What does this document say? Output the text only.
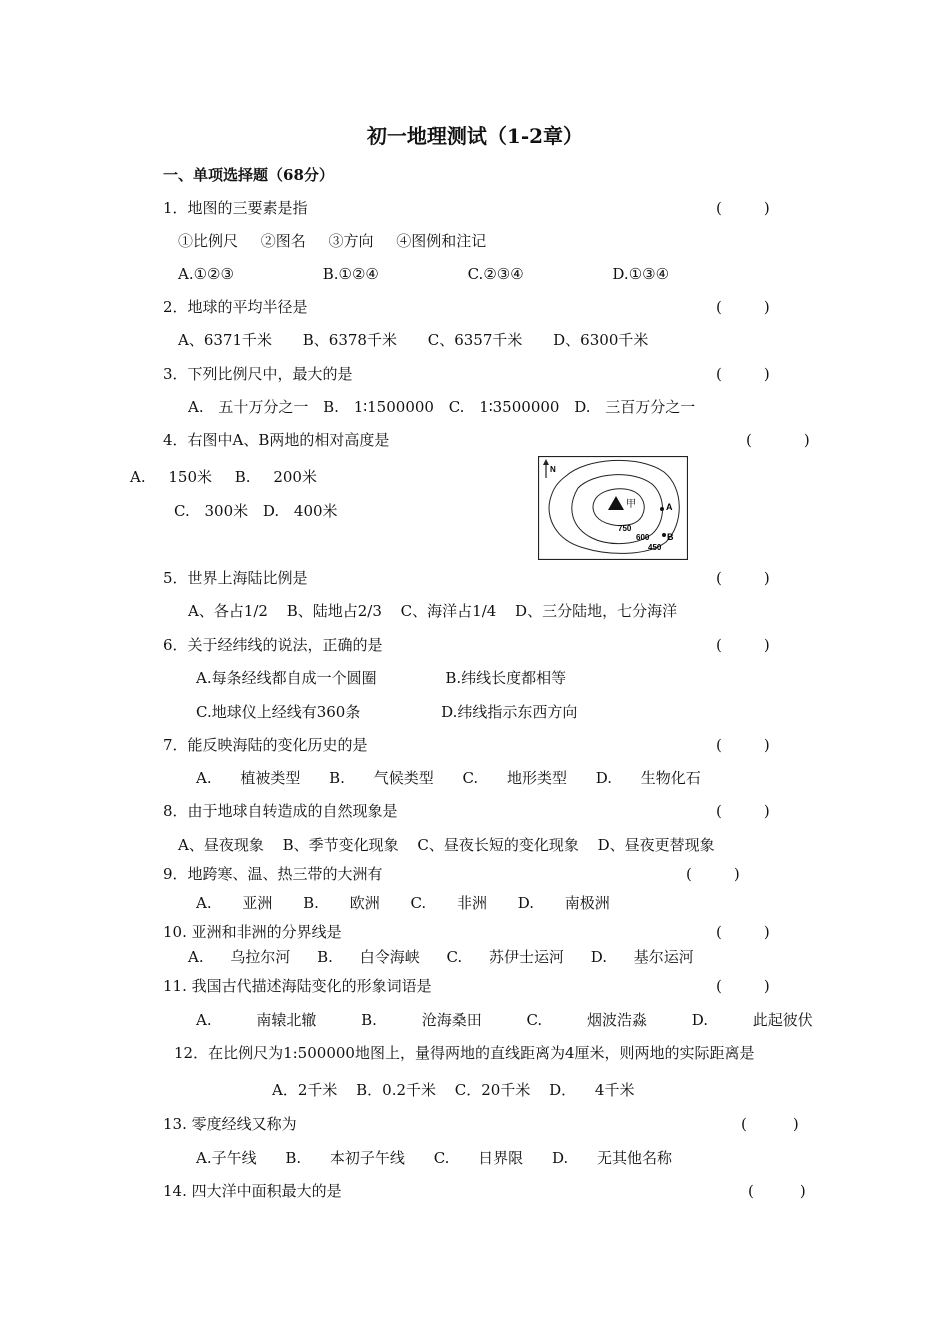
初一地理测试（1-2章）
一、单项选择题（68分）
1．地图的三要素是指	(	)
①比例尺 ②图名 ③方向 ④图例和注记
A.①②③ B.①②④ C.②③④ D.①③④
2．地球的平均半径是	(	)
A、6371千米 B、6378千米 C、6357千米 D、6300千米
3．下列比例尺中，最大的是	(	)
A. 五十万分之一 B. 1∶1500000 C. 1∶3500000 D. 三百万分之一
4．右图中A、B两地的相对高度是	(	)
A. 150米 B. 200米
C. 300米 D. 400米
N
甲	A
B
750
600
450
5．世界上海陆比例是	(	)
A、各占1/2 B、陆地占2/3 C、海洋占1/4 D、三分陆地，七分海洋
6．关于经纬线的说法，正确的是	(	)
A.每条经线都自成一个圆圈 B.纬线长度都相等
C.地球仪上经线有360条 D.纬线指示东西方向
7．能反映海陆的变化历史的是	(	)
A. 植被类型 B. 气候类型 C. 地形类型 D. 生物化石
8．由于地球自转造成的自然现象是	(	)
A、昼夜现象 B、季节变化现象 C、昼夜长短的变化现象 D、昼夜更替现象
9．地跨寒、温、热三带的大洲有	(	)
A. 亚洲 B. 欧洲 C. 非洲 D. 南极洲
10. 亚洲和非洲的分界线是	(	)
A. 乌拉尔河 B. 白令海峡 C. 苏伊士运河 D. 基尔运河
11. 我国古代描述海陆变化的形象词语是	(	)
A. 南辕北辙 B. 沧海桑田 C. 烟波浩淼 D. 此起彼伏
12．在比例尺为1:500000地图上，量得两地的直线距离为4厘米，则两地的实际距离是
A．2千米 B．0.2千米 C．20千米 D． 4千米
13. 零度经线又称为	(	)
A.子午线 B. 本初子午线 C. 日界限 D. 无其他名称
14. 四大洋中面积最大的是	(	)
